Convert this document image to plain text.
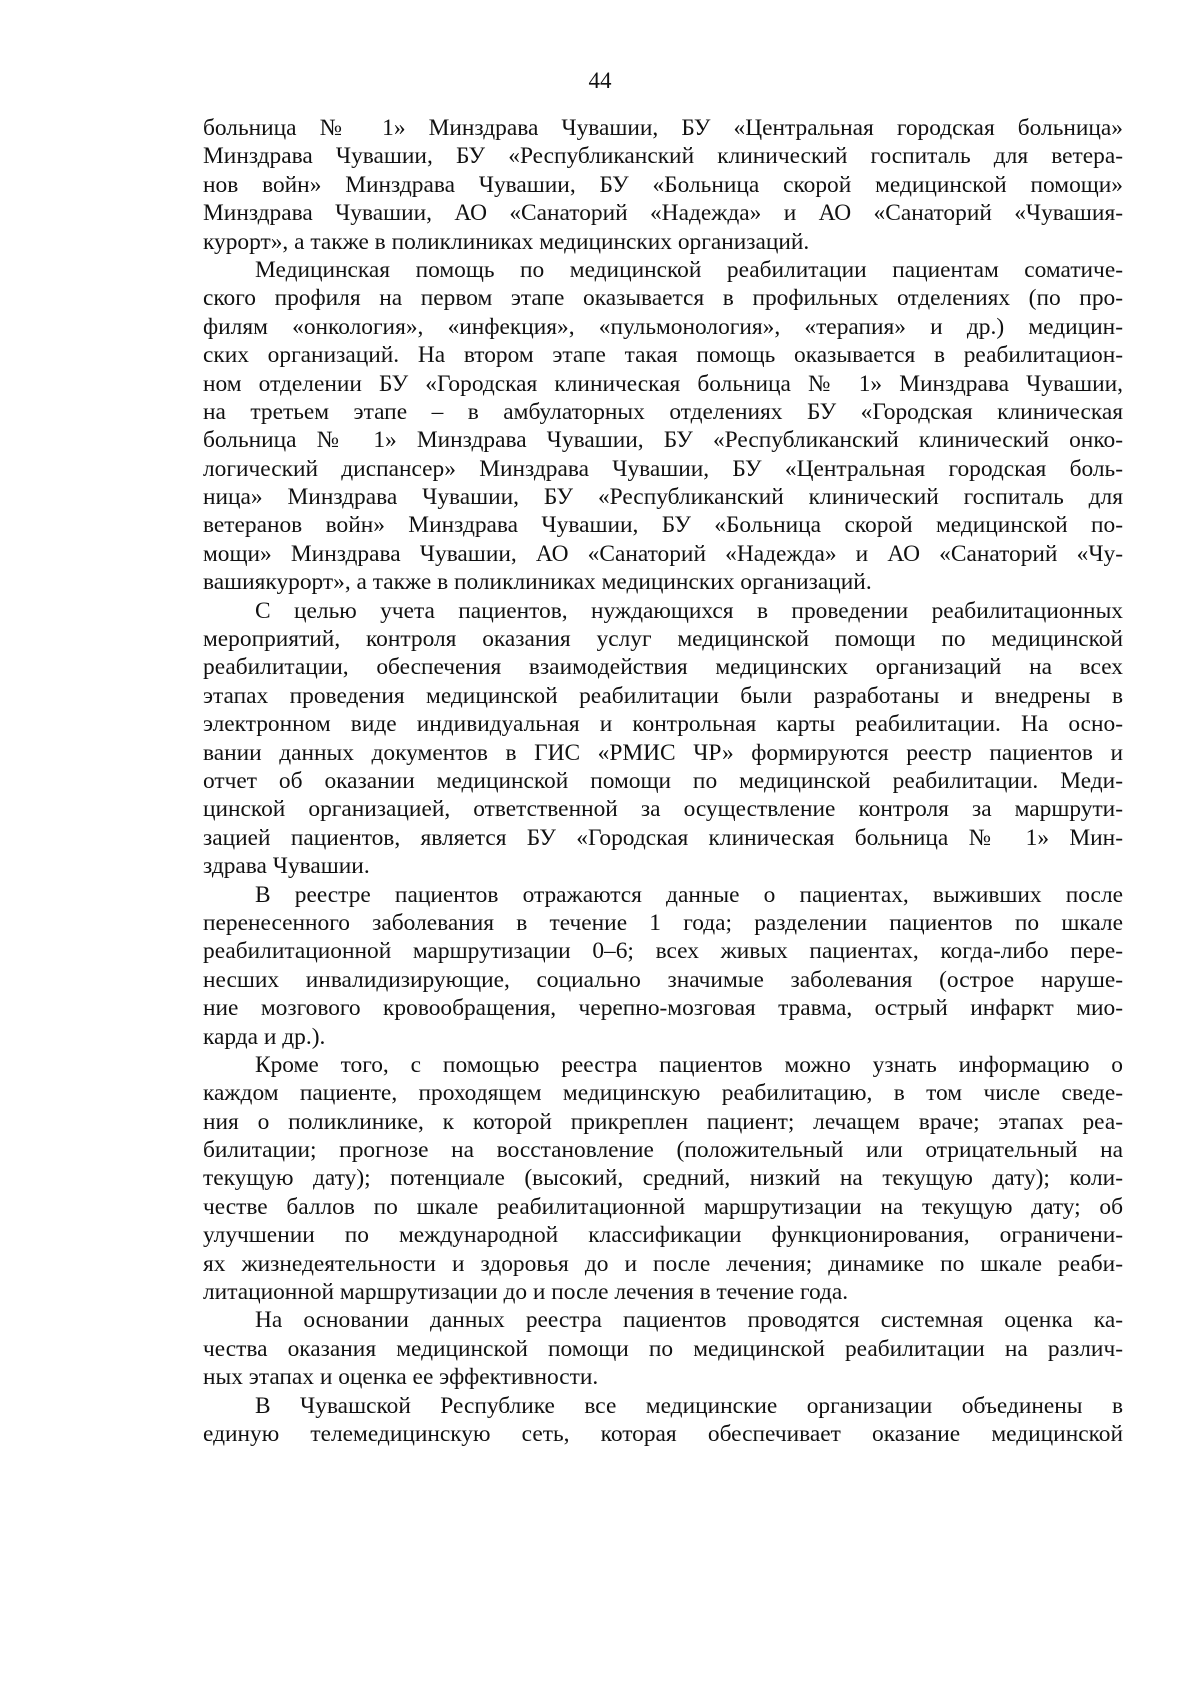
44
больница № 1» Минздрава Чувашии, БУ «Центральная городская больница»
Минздрава Чувашии, БУ «Республиканский клинический госпиталь для ветера-
нов войн» Минздрава Чувашии, БУ «Больница скорой медицинской помощи»
Минздрава Чувашии, АО «Санаторий «Надежда» и АО «Санаторий «Чувашия-
курорт», а также в поликлиниках медицинских организаций.
Медицинская помощь по медицинской реабилитации пациентам соматиче-
ского профиля на первом этапе оказывается в профильных отделениях (по про-
филям «онкология», «инфекция», «пульмонология», «терапия» и др.) медицин-
ских организаций. На втором этапе такая помощь оказывается в реабилитацион-
ном отделении БУ «Городская клиническая больница № 1» Минздрава Чувашии,
на третьем этапе – в амбулаторных отделениях БУ «Городская клиническая
больница № 1» Минздрава Чувашии, БУ «Республиканский клинический онко-
логический диспансер» Минздрава Чувашии, БУ «Центральная городская боль-
ница» Минздрава Чувашии, БУ «Республиканский клинический госпиталь для
ветеранов войн» Минздрава Чувашии, БУ «Больница скорой медицинской по-
мощи» Минздрава Чувашии, АО «Санаторий «Надежда» и АО «Санаторий «Чу-
вашиякурорт», а также в поликлиниках медицинских организаций.
С целью учета пациентов, нуждающихся в проведении реабилитационных
мероприятий, контроля оказания услуг медицинской помощи по медицинской
реабилитации, обеспечения взаимодействия медицинских организаций на всех
этапах проведения медицинской реабилитации были разработаны и внедрены в
электронном виде индивидуальная и контрольная карты реабилитации. На осно-
вании данных документов в ГИС «РМИС ЧР» формируются реестр пациентов и
отчет об оказании медицинской помощи по медицинской реабилитации. Меди-
цинской организацией, ответственной за осуществление контроля за маршрути-
зацией пациентов, является БУ «Городская клиническая больница № 1» Мин-
здрава Чувашии.
В реестре пациентов отражаются данные о пациентах, выживших после
перенесенного заболевания в течение 1 года; разделении пациентов по шкале
реабилитационной маршрутизации 0–6; всех живых пациентах, когда-либо пере-
несших инвалидизирующие, социально значимые заболевания (острое наруше-
ние мозгового кровообращения, черепно-мозговая травма, острый инфаркт мио-
карда и др.).
Кроме того, с помощью реестра пациентов можно узнать информацию о
каждом пациенте, проходящем медицинскую реабилитацию, в том числе сведе-
ния о поликлинике, к которой прикреплен пациент; лечащем враче; этапах реа-
билитации; прогнозе на восстановление (положительный или отрицательный на
текущую дату); потенциале (высокий, средний, низкий на текущую дату); коли-
честве баллов по шкале реабилитационной маршрутизации на текущую дату; об
улучшении по международной классификации функционирования, ограничени-
ях жизнедеятельности и здоровья до и после лечения; динамике по шкале реаби-
литационной маршрутизации до и после лечения в течение года.
На основании данных реестра пациентов проводятся системная оценка ка-
чества оказания медицинской помощи по медицинской реабилитации на различ-
ных этапах и оценка ее эффективности.
В Чувашской Республике все медицинские организации объединены в
единую телемедицинскую сеть, которая обеспечивает оказание медицинской
